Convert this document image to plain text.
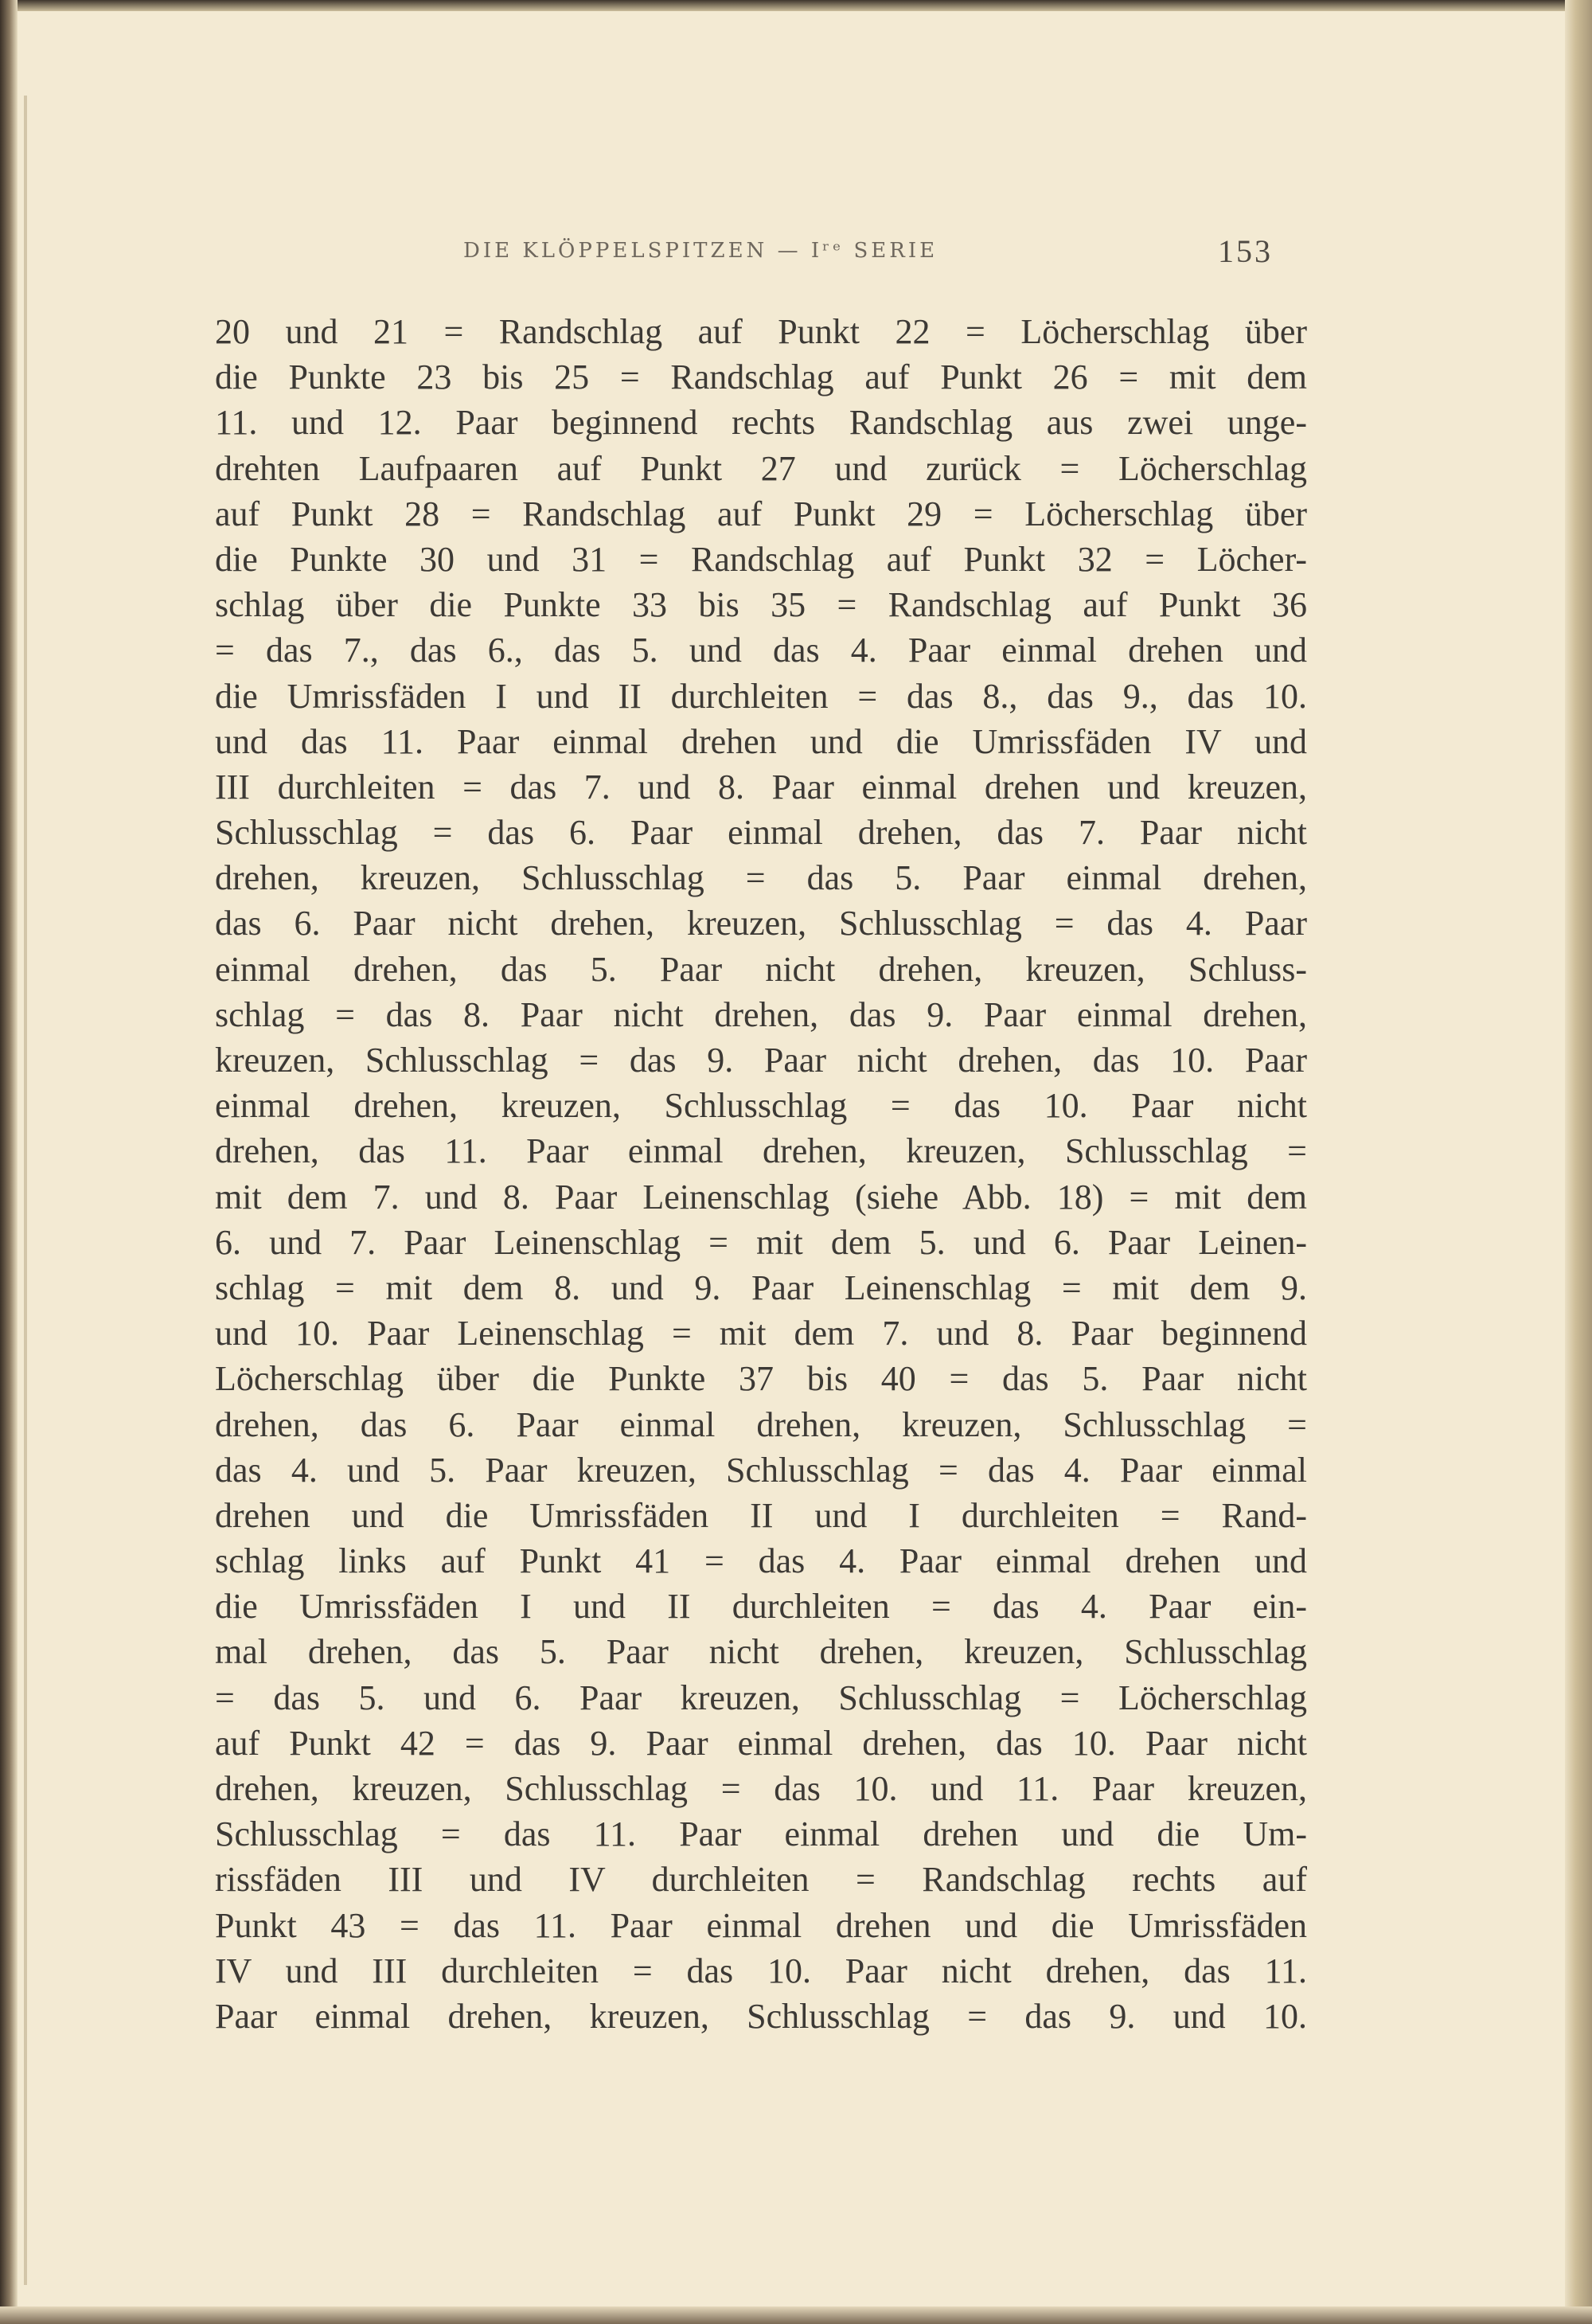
DIE KLÖPPELSPITZEN — Iʳᵉ SERIE	153
20 und 21 = Randschlag auf Punkt 22 = Löcherschlag über
die Punkte 23 bis 25 = Randschlag auf Punkt 26 = mit dem
11. und 12. Paar beginnend rechts Randschlag aus zwei unge-
drehten Laufpaaren auf Punkt 27 und zurück = Löcherschlag
auf Punkt 28 = Randschlag auf Punkt 29 = Löcherschlag über
die Punkte 30 und 31 = Randschlag auf Punkt 32 = Löcher-
schlag über die Punkte 33 bis 35 = Randschlag auf Punkt 36
= das 7., das 6., das 5. und das 4. Paar einmal drehen und
die Umrissfäden I und II durchleiten = das 8., das 9., das 10.
und das 11. Paar einmal drehen und die Umrissfäden IV und
III durchleiten = das 7. und 8. Paar einmal drehen und kreuzen,
Schlusschlag = das 6. Paar einmal drehen, das 7. Paar nicht
drehen, kreuzen, Schlusschlag = das 5. Paar einmal drehen,
das 6. Paar nicht drehen, kreuzen, Schlusschlag = das 4. Paar
einmal drehen, das 5. Paar nicht drehen, kreuzen, Schluss-
schlag = das 8. Paar nicht drehen, das 9. Paar einmal drehen,
kreuzen, Schlusschlag = das 9. Paar nicht drehen, das 10. Paar
einmal drehen, kreuzen, Schlusschlag = das 10. Paar nicht
drehen, das 11. Paar einmal drehen, kreuzen, Schlusschlag =
mit dem 7. und 8. Paar Leinenschlag (siehe Abb. 18) = mit dem
6. und 7. Paar Leinenschlag = mit dem 5. und 6. Paar Leinen-
schlag = mit dem 8. und 9. Paar Leinenschlag = mit dem 9.
und 10. Paar Leinenschlag = mit dem 7. und 8. Paar beginnend
Löcherschlag über die Punkte 37 bis 40 = das 5. Paar nicht
drehen, das 6. Paar einmal drehen, kreuzen, Schlusschlag =
das 4. und 5. Paar kreuzen, Schlusschlag = das 4. Paar einmal
drehen und die Umrissfäden II und I durchleiten = Rand-
schlag links auf Punkt 41 = das 4. Paar einmal drehen und
die Umrissfäden I und II durchleiten = das 4. Paar ein-
mal drehen, das 5. Paar nicht drehen, kreuzen, Schlusschlag
= das 5. und 6. Paar kreuzen, Schlusschlag = Löcherschlag
auf Punkt 42 = das 9. Paar einmal drehen, das 10. Paar nicht
drehen, kreuzen, Schlusschlag = das 10. und 11. Paar kreuzen,
Schlusschlag = das 11. Paar einmal drehen und die Um-
rissfäden III und IV durchleiten = Randschlag rechts auf
Punkt 43 = das 11. Paar einmal drehen und die Umrissfäden
IV und III durchleiten = das 10. Paar nicht drehen, das 11.
Paar einmal drehen, kreuzen, Schlusschlag = das 9. und 10.
